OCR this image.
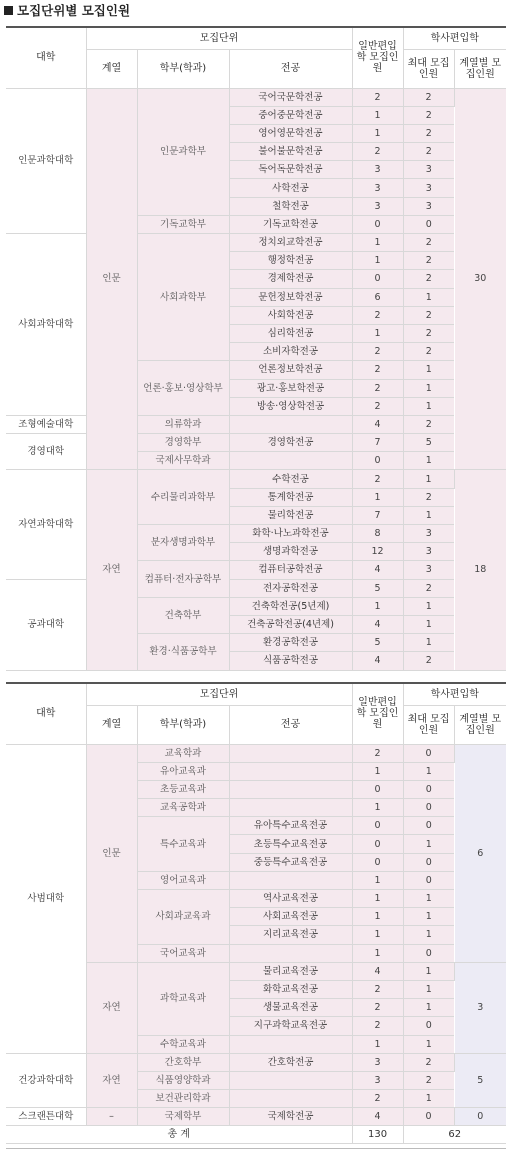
모집단위별 모집인원
대학	모집단위			일반편입학 모집인원	학사편입학	
	계열	학부(학과)	전공		최대 모집인원	계열별 모집인원
인문과학대학	인문	인문과학부	국어국문학전공	2	2	30
			중어중문학전공	1	2	
			영어영문학전공	1	2	
			불어불문학전공	2	2	
			독어독문학전공	3	3	
			사학전공	3	3	
			철학전공	3	3	
		기독교학부	기독교학전공	0	0	
사회과학대학		사회과학부	정치외교학전공	1	2	
			행정학전공	1	2	
			경제학전공	0	2	
			문헌정보학전공	6	1	
			사회학전공	2	2	
			심리학전공	1	2	
			소비자학전공	2	2	
		언론·홍보·영상학부	언론정보학전공	2	1	
			광고·홍보학전공	2	1	
			방송·영상학전공	2	1	
조형예술대학		의류학과		4	2	
경영대학		경영학부	경영학전공	7	5	
		국제사무학과		0	1	
자연과학대학	자연	수리물리과학부	수학전공	2	1	18
			통계학전공	1	2	
			물리학전공	7	1	
		분자생명과학부	화학·나노과학전공	8	3	
			생명과학전공	12	3	
		컴퓨터·전자공학부	컴퓨터공학전공	4	3	
공과대학			전자공학전공	5	2	
		건축학부	건축학전공(5년제)	1	1	
			건축공학전공(4년제)	4	1	
		환경·식품공학부	환경공학전공	5	1	
			식품공학전공	4	2	
대학	모집단위			일반편입학 모집인원	학사편입학	
	계열	학부(학과)	전공		최대 모집인원	계열별 모집인원
사범대학	인문	교육학과		2	0	6
		유아교육과		1	1	
		초등교육과		0	0	
		교육공학과		1	0	
		특수교육과	유아특수교육전공	0	0	
			초등특수교육전공	0	1	
			중등특수교육전공	0	0	
		영어교육과		1	0	
		사회과교육과	역사교육전공	1	1	
			사회교육전공	1	1	
			지리교육전공	1	1	
		국어교육과		1	0	
	자연	과학교육과	물리교육전공	4	1	3
			화학교육전공	2	1	
			생물교육전공	2	1	
			지구과학교육전공	2	0	
		수학교육과		1	1	
건강과학대학	자연	간호학부	간호학전공	3	2	5
		식품영양학과		3	2	
		보건관리학과		2	1	
스크랜튼대학	–	국제학부	국제학전공	4	0	0
총 계				130	62	
